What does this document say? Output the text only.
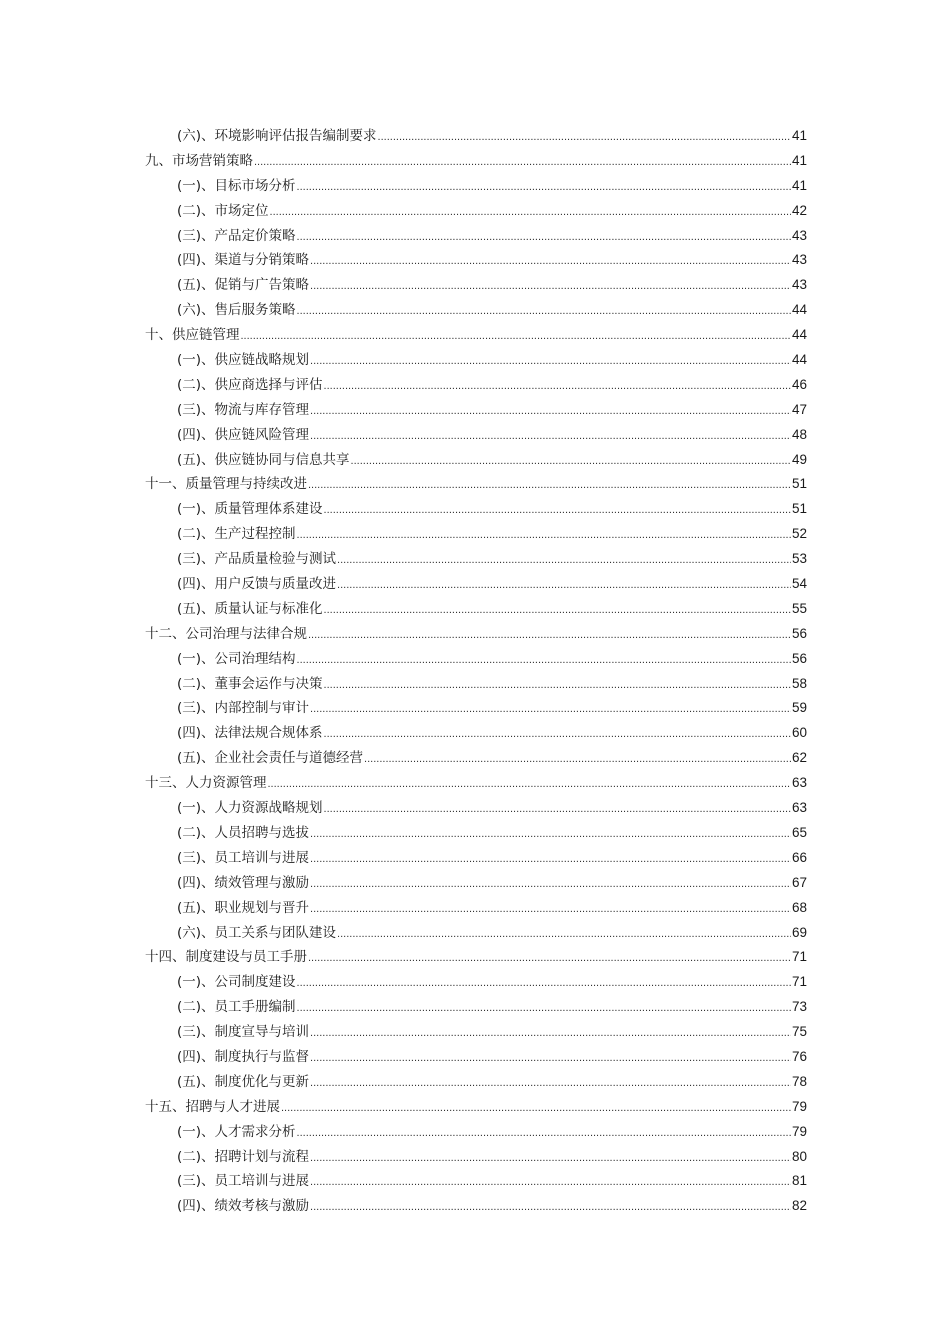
(六)、环境影响评估报告编制要求 .....	41
九、市场营销策略 .....	41
(一)、目标市场分析 .....	41
(二)、市场定位 .....	42
(三)、产品定价策略 .....	43
(四)、渠道与分销策略 .....	43
(五)、促销与广告策略 .....	43
(六)、售后服务策略 .....	44
十、供应链管理 .....	44
(一)、供应链战略规划 .....	44
(二)、供应商选择与评估 .....	46
(三)、物流与库存管理 .....	47
(四)、供应链风险管理 .....	48
(五)、供应链协同与信息共享 .....	49
十一、质量管理与持续改进 .....	51
(一)、质量管理体系建设 .....	51
(二)、生产过程控制 .....	52
(三)、产品质量检验与测试 .....	53
(四)、用户反馈与质量改进 .....	54
(五)、质量认证与标准化 .....	55
十二、公司治理与法律合规 .....	56
(一)、公司治理结构 .....	56
(二)、董事会运作与决策 .....	58
(三)、内部控制与审计 .....	59
(四)、法律法规合规体系 .....	60
(五)、企业社会责任与道德经营 .....	62
十三、人力资源管理 .....	63
(一)、人力资源战略规划 .....	63
(二)、人员招聘与选拔 .....	65
(三)、员工培训与进展 .....	66
(四)、绩效管理与激励 .....	67
(五)、职业规划与晋升 .....	68
(六)、员工关系与团队建设 .....	69
十四、制度建设与员工手册 .....	71
(一)、公司制度建设 .....	71
(二)、员工手册编制 .....	73
(三)、制度宣导与培训 .....	75
(四)、制度执行与监督 .....	76
(五)、制度优化与更新 .....	78
十五、招聘与人才进展 .....	79
(一)、人才需求分析 .....	79
(二)、招聘计划与流程 .....	80
(三)、员工培训与进展 .....	81
(四)、绩效考核与激励 .....	82
